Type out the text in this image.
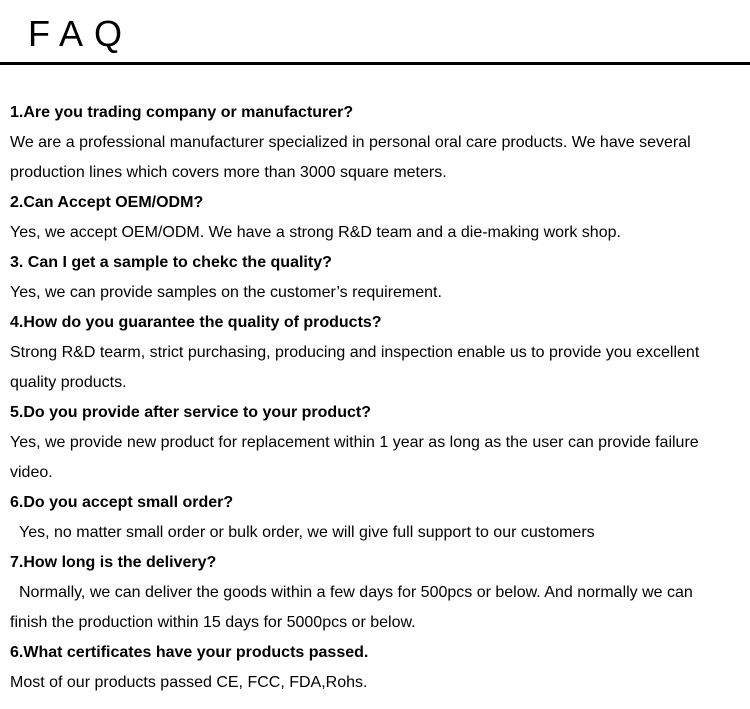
FAQ
1.Are you trading company or manufacturer?
We are a professional manufacturer specialized in personal oral care products. We have several
production lines which covers more than 3000 square meters.
2.Can Accept OEM/ODM?
Yes, we accept OEM/ODM. We have a strong R&D team and a die-making work shop.
3. Can I get a sample to chekc the quality?
Yes, we can provide samples on the customer’s requirement.
4.How do you guarantee the quality of products?
Strong R&D tearm, strict purchasing, producing and inspection enable us to provide you excellent
quality products.
5.Do you provide after service to your product?
Yes, we provide new product for replacement within 1 year as long as the user can provide failure
video.
6.Do you accept small order?
Yes, no matter small order or bulk order, we will give full support to our customers
7.How long is the delivery?
Normally, we can deliver the goods within a few days for 500pcs or below. And normally we can
finish the production within 15 days for 5000pcs or below.
6.What certificates have your products passed.
Most of our products passed CE, FCC, FDA,Rohs.
